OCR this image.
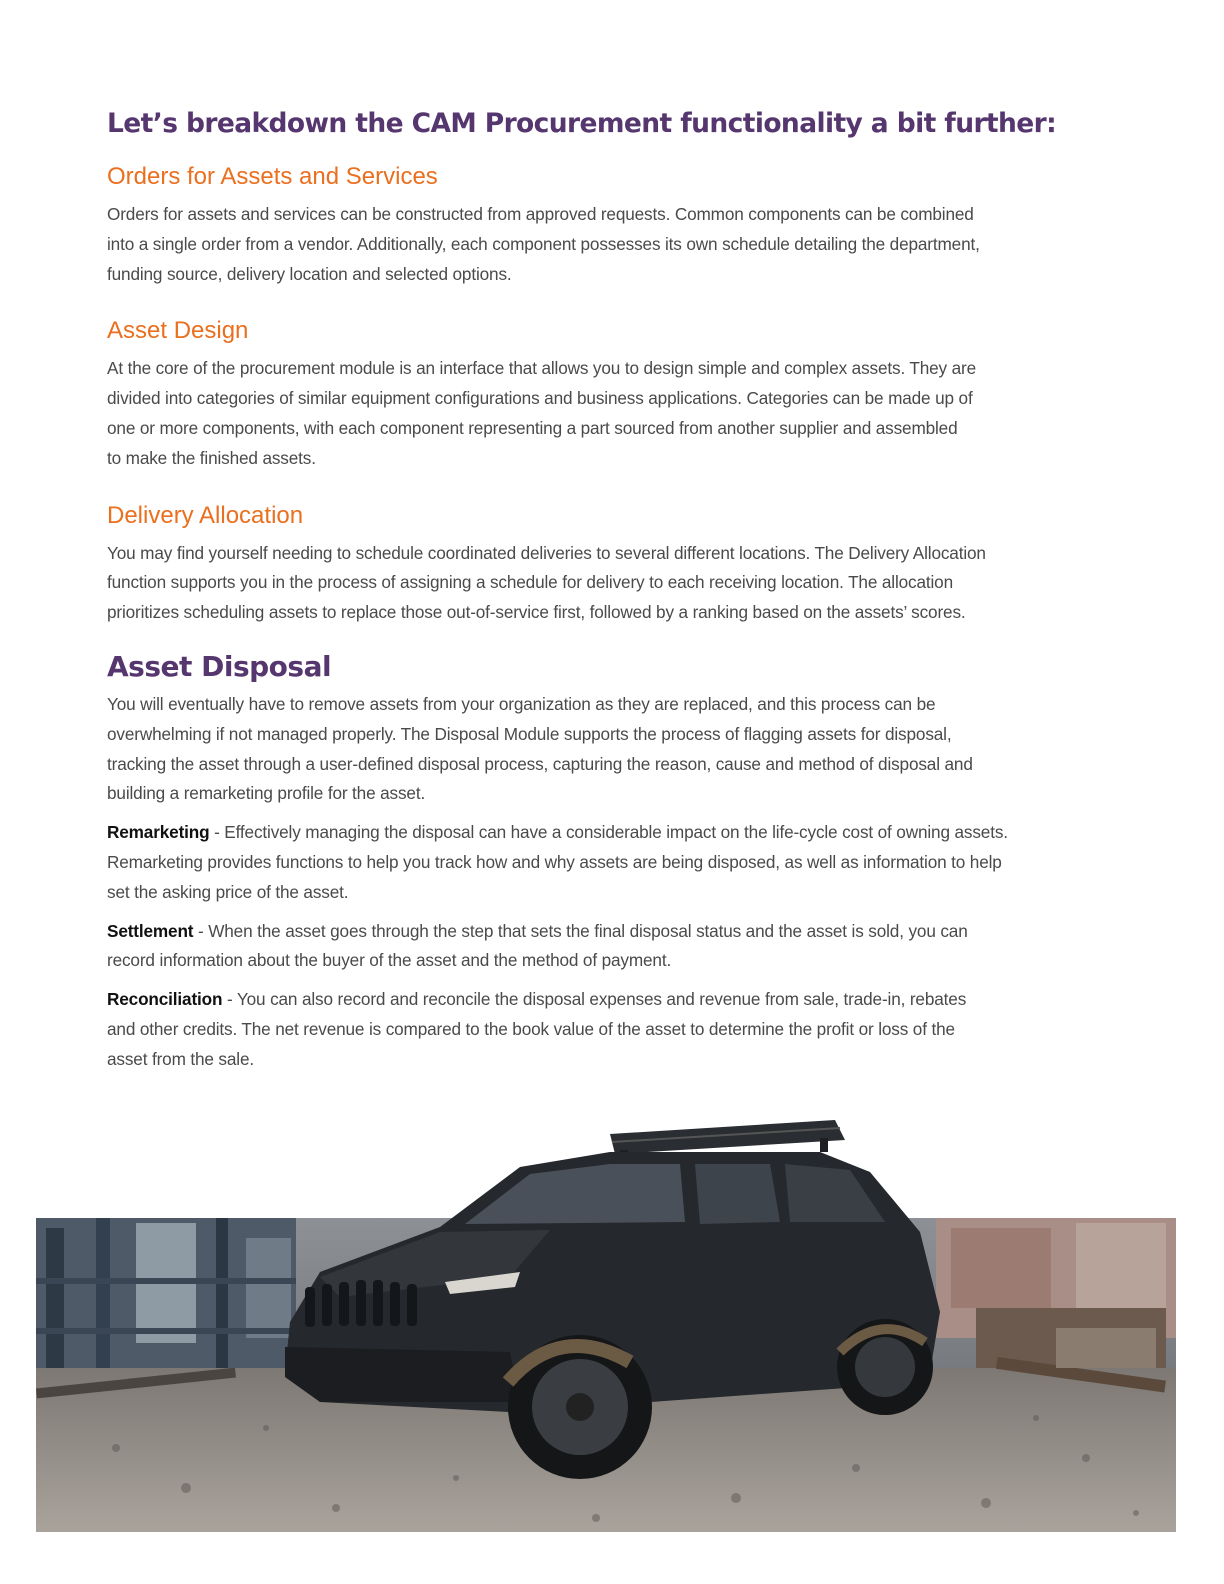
Let’s breakdown the CAM Procurement functionality a bit further:
Orders for Assets and Services

Orders for assets and services can be constructed from approved requests. Common components can be combined
into a single order from a vendor. Additionally, each component possesses its own schedule detailing the department,
funding source, delivery location and selected options.

Asset Design

At the core of the procurement module is an interface that allows you to design simple and complex assets. They are
divided into categories of similar equipment configurations and business applications. Categories can be made up of
one or more components, with each component representing a part sourced from another supplier and assembled
to make the finished assets.

Delivery Allocation

You may find yourself needing to schedule coordinated deliveries to several different locations. The Delivery Allocation
function supports you in the process of assigning a schedule for delivery to each receiving location. The allocation
prioritizes scheduling assets to replace those out-of-service first, followed by a ranking based on the assets’ scores.

Asset Disposal

You will eventually have to remove assets from your organization as they are replaced, and this process can be
overwhelming if not managed properly. The Disposal Module supports the process of flagging assets for disposal,
tracking the asset through a user-defined disposal process, capturing the reason, cause and method of disposal and
building a remarketing profile for the asset.

Remarketing - Effectively managing the disposal can have a considerable impact on the life-cycle cost of owning assets.
Remarketing provides functions to help you track how and why assets are being disposed, as well as information to help
set the asking price of the asset.

Settlement - When the asset goes through the step that sets the final disposal status and the asset is sold, you can
record information about the buyer of the asset and the method of payment.

Reconciliation - You can also record and reconcile the disposal expenses and revenue from sale, trade-in, rebates
and other credits. The net revenue is compared to the book value of the asset to determine the profit or loss of the
asset from the sale.
